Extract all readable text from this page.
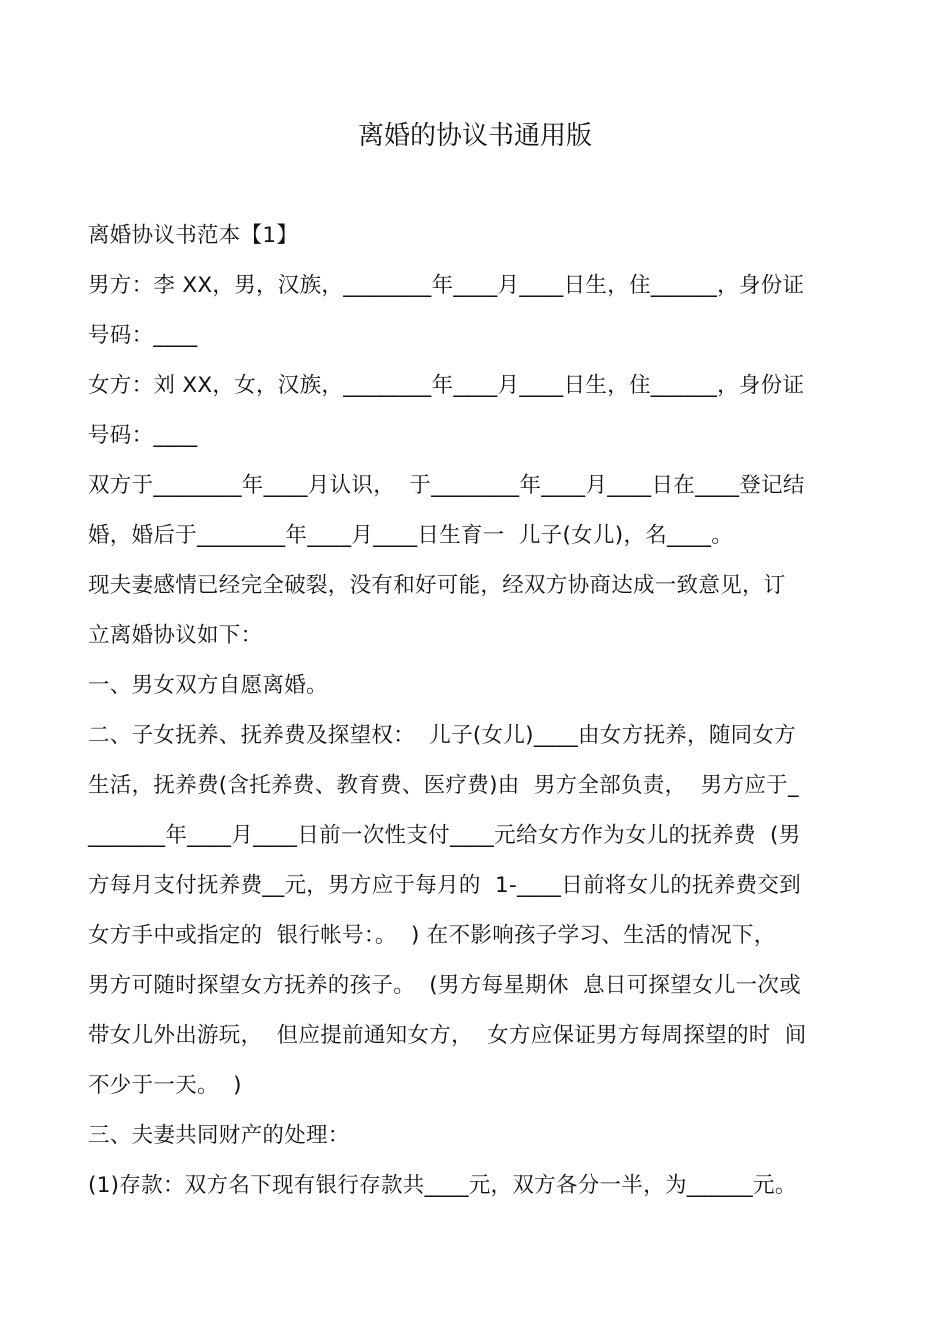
离婚的协议书通用版
离婚协议书范本【1】
男方：李 XX，男，汉族，________年____月____日生，住______，身份证
号码：____
女方：刘 XX，女，汉族，________年____月____日生，住______，身份证
号码：____
双方于________年____月认识，  于________年____月____日在____登记结
婚，婚后于________年____月____日生育一  儿子(女儿)，名____。
现夫妻感情已经完全破裂，没有和好可能，经双方协商达成一致意见，订
立离婚协议如下：
一、男女双方自愿离婚。
二、子女抚养、抚养费及探望权：  儿子(女儿)____由女方抚养，随同女方
生活，抚养费(含托养费、教育费、医疗费)由  男方全部负责，  男方应于_
_______年____月____日前一次性支付____元给女方作为女儿的抚养费  (男
方每月支付抚养费__元，男方应于每月的  1-____日前将女儿的抚养费交到
女方手中或指定的  银行帐号：。  ) 在不影响孩子学习、生活的情况下，
男方可随时探望女方抚养的孩子。  (男方每星期休  息日可探望女儿一次或
带女儿外出游玩，  但应提前通知女方，  女方应保证男方每周探望的时  间
不少于一天。  )
三、夫妻共同财产的处理：
(1)存款：双方名下现有银行存款共____元，双方各分一半，为______元。
